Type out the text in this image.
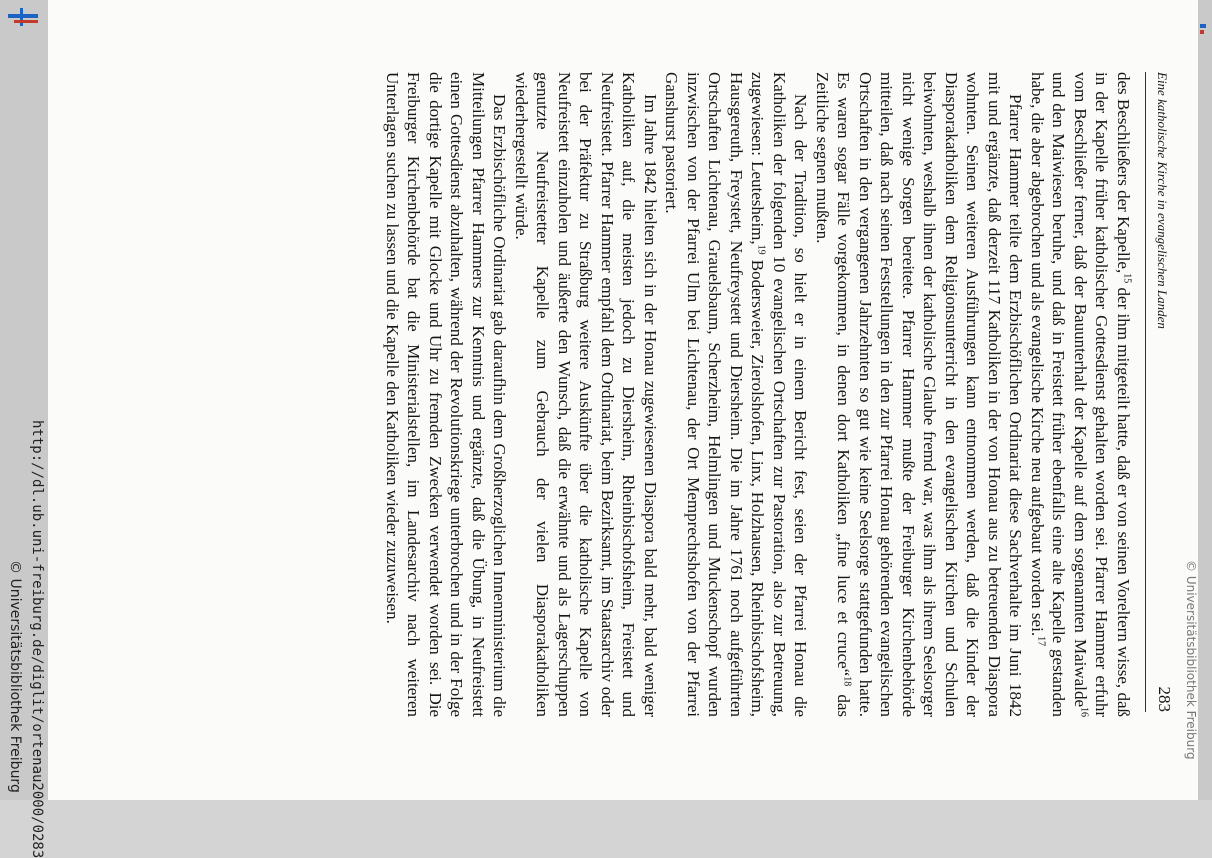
http://dl.ub.uni-freiburg.de/diglit/ortenau2000/0283
© Universitätsbibliothek Freiburg
Eine katholische Kirche in evangelischen Landen
283

des Beschließers der Kapelle,$^{15}$ der ihm mitgeteilt hatte, daß er von seinen Voreltern wisse, daß in der Kapelle früher katholischer Gottesdienst gehalten worden sei. Pfarrer Hammer erfuhr vom Beschließer ferner, daß der Bauunterhalt der Kapelle auf dem sogenannten Maiwalde$^{16}$ und den Maiwiesen beruhe, und daß in Freistett früher ebenfalls eine alte Kapelle gestanden habe, die aber abgebrochen und als evangelische Kirche neu aufgebaut worden sei.$^{17}$

Pfarrer Hammer teilte dem Erzbischöflichen Ordinariat diese Sachverhalte im Juni 1842 mit und ergänzte, daß derzeit 117 Katholiken in der von Honau aus zu betreuenden Diaspora wohnten. Seinen weiteren Ausführungen kann entnommen werden, daß die Kinder der Diasporakatholiken dem Religionsunterricht in den evangelischen Kirchen und Schulen beiwohnten, weshalb ihnen der katholische Glaube fremd war, was ihm als ihrem Seelsorger nicht wenige Sorgen bereitete. Pfarrer Hammer mußte der Freiburger Kirchenbehörde mitteilen, daß nach seinen Feststellungen in den zur Pfarrei Honau gehörenden evangelischen Ortschaften in den vergangenen Jahrzehnten so gut wie keine Seelsorge stattgefunden hatte. Es waren sogar Fälle vorgekommen, in denen dort Katholiken „fine luce et cruce“$^{18}$ das Zeitliche segnen mußten.

Nach der Tradition, so hielt er in einem Bericht fest, seien der Pfarrei Honau die Katholiken der folgenden 10 evangelischen Ortschaften zur Pastoration, also zur Betreuung, zugewiesen: Leutesheim,$^{19}$ Bodersweier, Zierolshofen, Linx, Holzhausen, Rheinbischofsheim, Hausgereuth, Freystett, Neufreystett und Diersheim. Die im Jahre 1761 noch aufgeführten Ortschaften Lichtenau, Grauelsbaum, Scherzheim, Helmlingen und Muckenschopf wurden inzwischen von der Pfarrei Ulm bei Lichtenau, der Ort Memprechtshofen von der Pfarrei Ganshurst pastoriert.

Im Jahre 1842 hielten sich in der Honau zugewiesenen Diaspora bald mehr, bald weniger Katholiken auf, die meisten jedoch zu Diersheim, Rheinbischofsheim, Freistett und Neufreistett. Pfarrer Hammer empfahl dem Ordinariat, beim Bezirksamt, im Staatsarchiv oder bei der Präfektur zu Straßburg weitere Auskünfte über die katholische Kapelle von Neufreistett einzuholen und äußerte den Wunsch, daß die erwähnte und als Lagerschuppen genutzte Neufreistetter Kapelle zum Gebrauch der vielen Diasporakatholiken wiederhergestellt würde.

Das Erzbischöfliche Ordinariat gab daraufhin dem Großherzoglichen Innenministerium die Mitteilungen Pfarrer Hammers zur Kenntnis und ergänzte, daß die Übung, in Neufreistett einen Gottesdienst abzuhalten, während der Revolutionskriege unterbrochen und in der Folge die dortige Kapelle mit Glocke und Uhr zu fremden Zwecken verwendet worden sei. Die Freiburger Kirchenbehörde bat die Ministerialstellen, im Landesarchiv nach weiteren Unterlagen suchen zu lassen und die Kapelle den Katholiken wieder zuzuweisen.

© Universitätsbibliothek Freiburg
